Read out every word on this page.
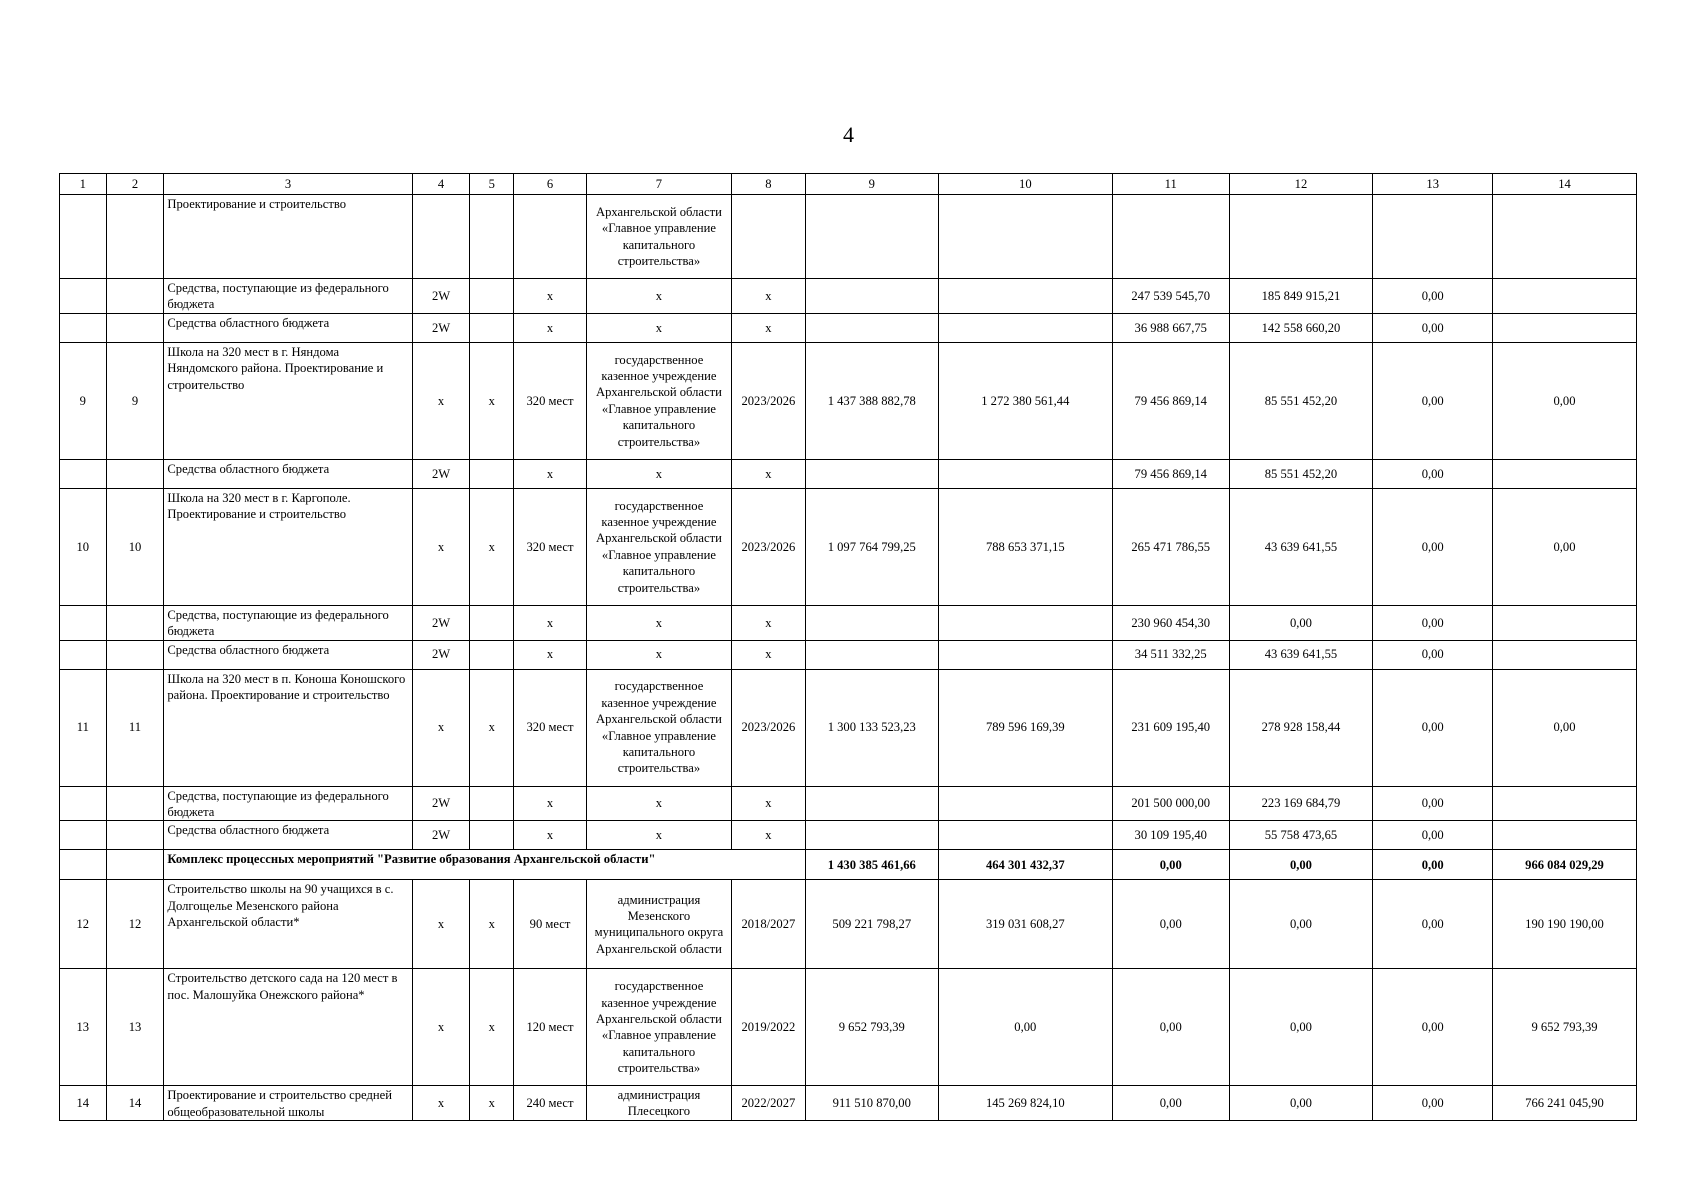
4
1	2	3	4	5	6	7	8	9	10	11	12	13	14
		Проектирование и строительство				Архангельской области «Главное управление капитального строительства»							
		Средства, поступающие из федерального бюджета	2W		х	х	х			247 539 545,70	185 849 915,21	0,00	
		Средства областного бюджета	2W		х	х	х			36 988 667,75	142 558 660,20	0,00	
9	9	Школа на 320 мест в г. Няндома Няндомского района. Проектирование и строительство	х	х	320 мест	государственное казенное учреждение Архангельской области «Главное управление капитального строительства»	2023/2026	1 437 388 882,78	1 272 380 561,44	79 456 869,14	85 551 452,20	0,00	0,00
		Средства областного бюджета	2W		х	х	х			79 456 869,14	85 551 452,20	0,00	
10	10	Школа на 320 мест в г. Каргополе. Проектирование и строительство	х	х	320 мест	государственное казенное учреждение Архангельской области «Главное управление капитального строительства»	2023/2026	1 097 764 799,25	788 653 371,15	265 471 786,55	43 639 641,55	0,00	0,00
		Средства, поступающие из федерального бюджета	2W		х	х	х			230 960 454,30	0,00	0,00	
		Средства областного бюджета	2W		х	х	х			34 511 332,25	43 639 641,55	0,00	
11	11	Школа на 320 мест в п. Коноша Коношского района. Проектирование и строительство	х	х	320 мест	государственное казенное учреждение Архангельской области «Главное управление капитального строительства»	2023/2026	1 300 133 523,23	789 596 169,39	231 609 195,40	278 928 158,44	0,00	0,00
		Средства, поступающие из федерального бюджета	2W		х	х	х			201 500 000,00	223 169 684,79	0,00	
		Средства областного бюджета	2W		х	х	х			30 109 195,40	55 758 473,65	0,00	
		Комплекс процессных мероприятий "Развитие образования Архангельской области"						1 430 385 461,66	464 301 432,37	0,00	0,00	0,00	966 084 029,29
12	12	Строительство школы на 90 учащихся в с. Долгощелье Мезенского района Архангельской области*	х	х	90 мест	администрация Мезенского муниципального округа Архангельской области	2018/2027	509 221 798,27	319 031 608,27	0,00	0,00	0,00	190 190 190,00
13	13	Строительство детского сада на 120 мест в пос. Малошуйка Онежского района*	х	х	120 мест	государственное казенное учреждение Архангельской области «Главное управление капитального строительства»	2019/2022	9 652 793,39	0,00	0,00	0,00	0,00	9 652 793,39
14	14	Проектирование и строительство средней общеобразовательной школы	х	х	240 мест	администрация Плесецкого	2022/2027	911 510 870,00	145 269 824,10	0,00	0,00	0,00	766 241 045,90
